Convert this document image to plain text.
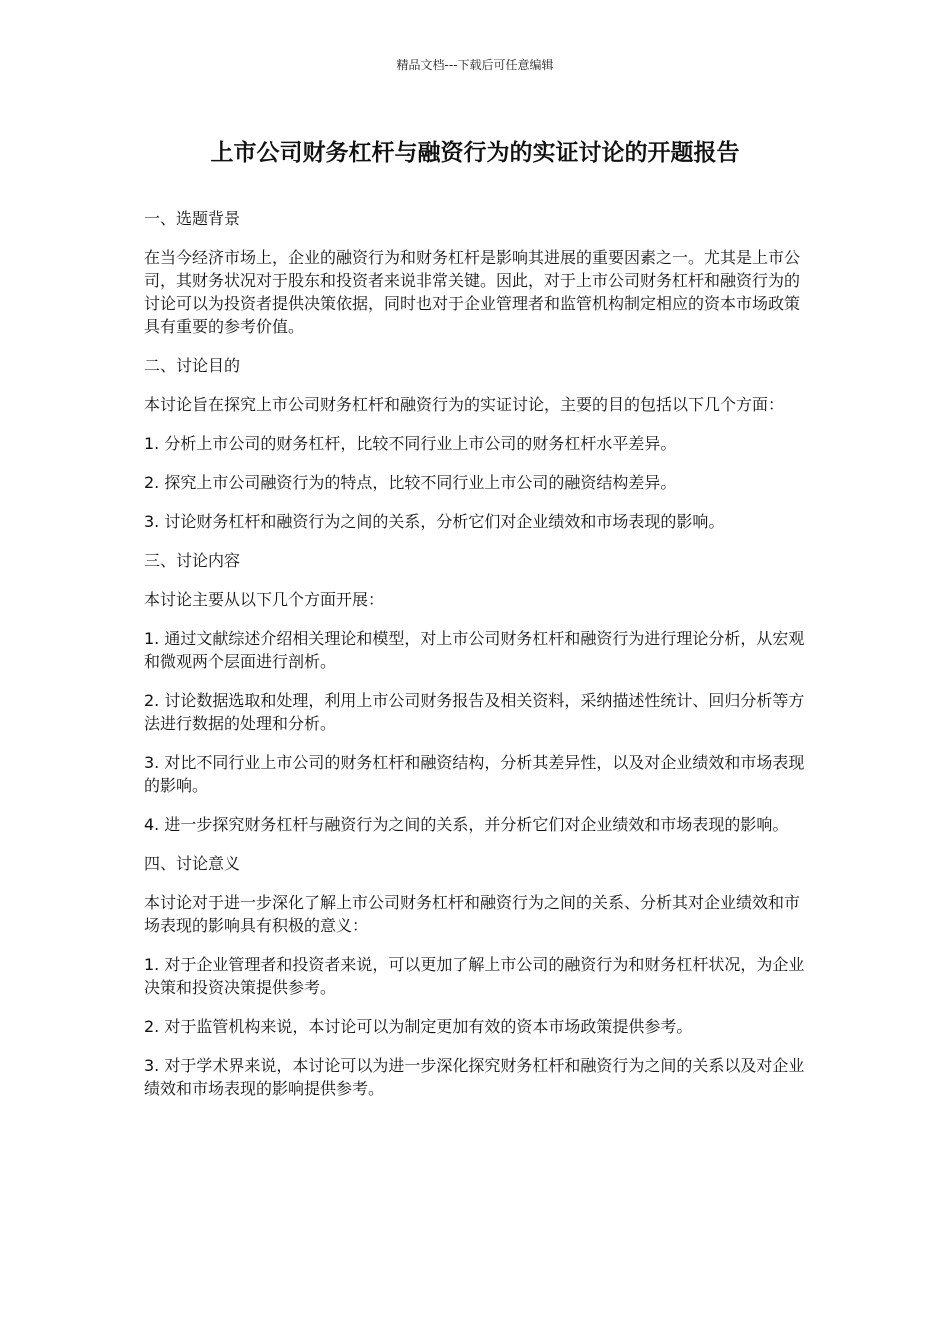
精品文档---下载后可任意编辑
上市公司财务杠杆与融资行为的实证讨论的开题报告

一、选题背景

在当今经济市场上，企业的融资行为和财务杠杆是影响其进展的重要因素之一。尤其是上市公司，其财务状况对于股东和投资者来说非常关键。因此，对于上市公司财务杠杆和融资行为的讨论可以为投资者提供决策依据，同时也对于企业管理者和监管机构制定相应的资本市场政策具有重要的参考价值。

二、讨论目的

本讨论旨在探究上市公司财务杠杆和融资行为的实证讨论，主要的目的包括以下几个方面：

1. 分析上市公司的财务杠杆，比较不同行业上市公司的财务杠杆水平差异。

2. 探究上市公司融资行为的特点，比较不同行业上市公司的融资结构差异。

3. 讨论财务杠杆和融资行为之间的关系，分析它们对企业绩效和市场表现的影响。

三、讨论内容

本讨论主要从以下几个方面开展：

1. 通过文献综述介绍相关理论和模型，对上市公司财务杠杆和融资行为进行理论分析，从宏观和微观两个层面进行剖析。

2. 讨论数据选取和处理，利用上市公司财务报告及相关资料，采纳描述性统计、回归分析等方法进行数据的处理和分析。

3. 对比不同行业上市公司的财务杠杆和融资结构，分析其差异性，以及对企业绩效和市场表现的影响。

4. 进一步探究财务杠杆与融资行为之间的关系，并分析它们对企业绩效和市场表现的影响。

四、讨论意义

本讨论对于进一步深化了解上市公司财务杠杆和融资行为之间的关系、分析其对企业绩效和市场表现的影响具有积极的意义：

1. 对于企业管理者和投资者来说，可以更加了解上市公司的融资行为和财务杠杆状况，为企业决策和投资决策提供参考。

2. 对于监管机构来说，本讨论可以为制定更加有效的资本市场政策提供参考。

3. 对于学术界来说，本讨论可以为进一步深化探究财务杠杆和融资行为之间的关系以及对企业绩效和市场表现的影响提供参考。
